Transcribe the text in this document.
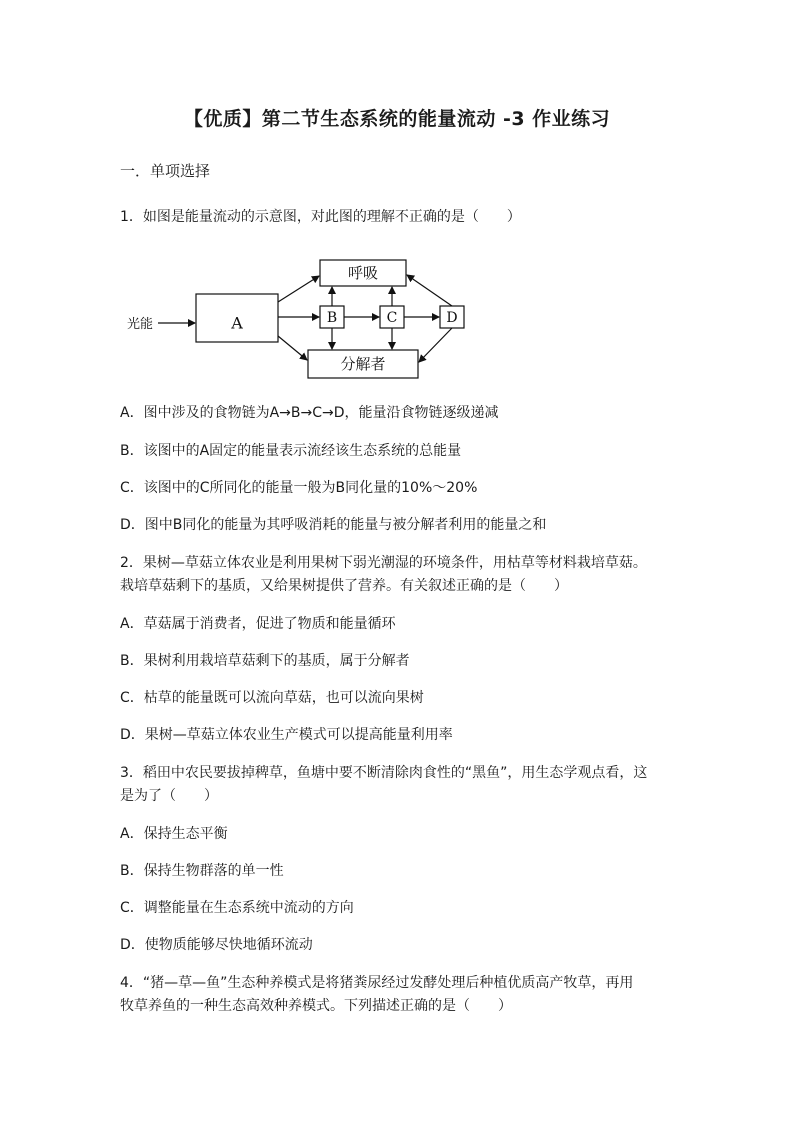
【优质】第二节生态系统的能量流动 -3 作业练习
一．单项选择
1．如图是能量流动的示意图，对此图的理解不正确的是（　　）
光能	A	B	C	D
呼吸
分解者
A．图中涉及的食物链为A→B→C→D，能量沿食物链逐级递减
B．该图中的A固定的能量表示流经该生态系统的总能量
C．该图中的C所同化的能量一般为B同化量的10%～20%
D．图中B同化的能量为其呼吸消耗的能量与被分解者利用的能量之和
2．果树—草菇立体农业是利用果树下弱光潮湿的环境条件，用枯草等材料栽培草菇。
栽培草菇剩下的基质，又给果树提供了营养。有关叙述正确的是（　　）
A．草菇属于消费者，促进了物质和能量循环
B．果树利用栽培草菇剩下的基质，属于分解者
C．枯草的能量既可以流向草菇，也可以流向果树
D．果树—草菇立体农业生产模式可以提高能量利用率
3．稻田中农民要拔掉稗草，鱼塘中要不断清除肉食性的“黑鱼”，用生态学观点看，这
是为了（　　）
A．保持生态平衡
B．保持生物群落的单一性
C．调整能量在生态系统中流动的方向
D．使物质能够尽快地循环流动
4．“猪—草—鱼”生态种养模式是将猪粪尿经过发酵处理后种植优质高产牧草，再用
牧草养鱼的一种生态高效种养模式。下列描述正确的是（　　）
